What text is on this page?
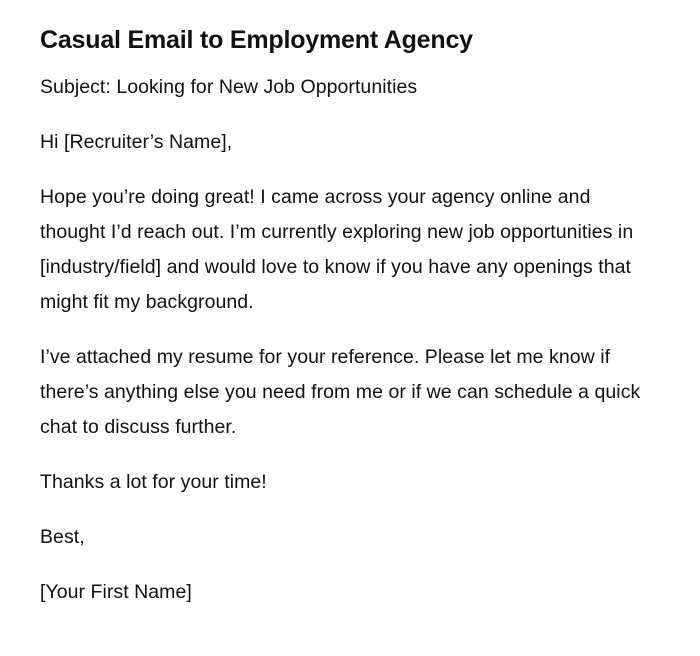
Casual Email to Employment Agency

Subject: Looking for New Job Opportunities

Hi [Recruiter’s Name],

Hope you’re doing great! I came across your agency online and thought I’d reach out. I’m currently exploring new job opportunities in [industry/field] and would love to know if you have any openings that might fit my background.

I’ve attached my resume for your reference. Please let me know if there’s anything else you need from me or if we can schedule a quick chat to discuss further.

Thanks a lot for your time!

Best,

[Your First Name]
